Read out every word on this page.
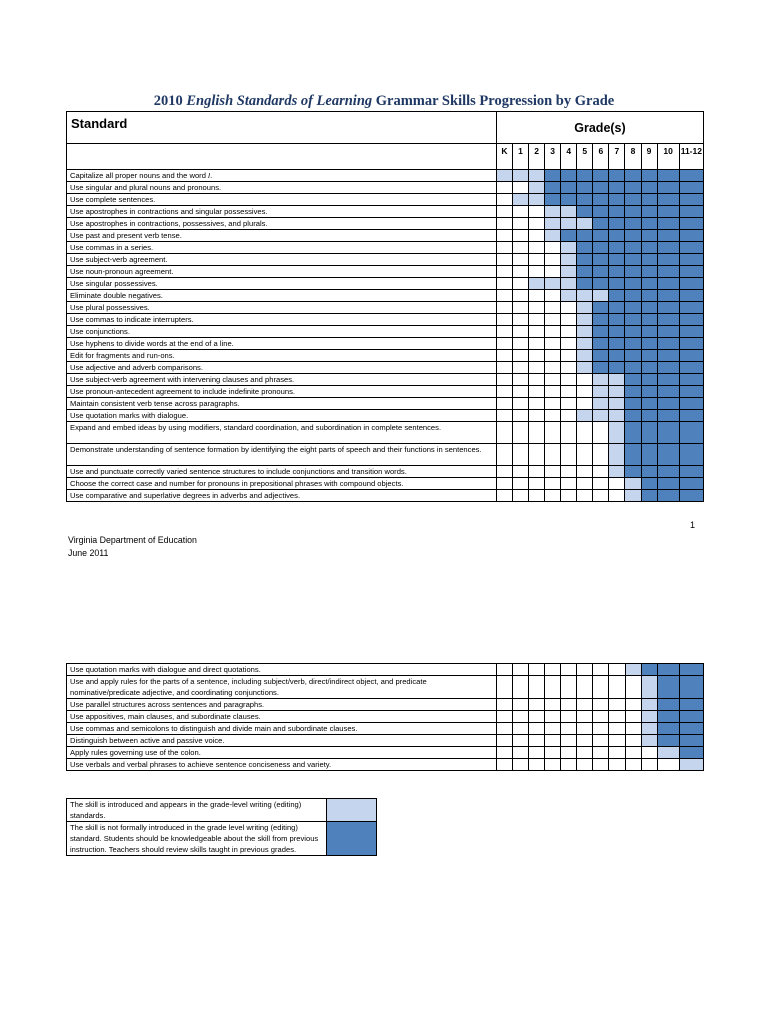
2010 English Standards of Learning Grammar Skills Progression by Grade
Standard	Grade(s)											
	K	1	2	3	4	5	6	7	8	9	10	11-12
Capitalize all proper nouns and the word I.												
Use singular and plural nouns and pronouns.												
Use complete sentences.												
Use apostrophes in contractions and singular possessives.												
Use apostrophes in contractions, possessives, and plurals.												
Use past and present verb tense.												
Use commas in a series.												
Use subject-verb agreement.												
Use noun-pronoun agreement.												
Use singular possessives.												
Eliminate double negatives.												
Use plural possessives.												
Use commas to indicate interrupters.												
Use conjunctions.												
Use hyphens to divide words at the end of a line.												
Edit for fragments and run-ons.												
Use adjective and adverb comparisons.												
Use subject-verb agreement with intervening clauses and phrases.												
Use pronoun-antecedent agreement to include indefinite pronouns.												
Maintain consistent verb tense across paragraphs.												
Use quotation marks with dialogue.												
Expand and embed ideas by using modifiers, standard coordination, and subordination in complete sentences.												
Demonstrate understanding of sentence formation by identifying the eight parts of speech and their functions in sentences.												
Use and punctuate correctly varied sentence structures to include conjunctions and transition words.												
Choose the correct case and number for pronouns in prepositional phrases with compound objects.												
Use comparative and superlative degrees in adverbs and adjectives.												
1
Virginia Department of Education
June 2011
Use quotation marks with dialogue and direct quotations.												
Use and apply rules for the parts of a sentence, including subject/verb, direct/indirect object, and predicate nominative/predicate adjective, and coordinating conjunctions.												
Use parallel structures across sentences and paragraphs.												
Use appositives, main clauses, and subordinate clauses.												
Use commas and semicolons to distinguish and divide main and subordinate clauses.												
Distinguish between active and passive voice.												
Apply rules governing use of the colon.												
Use verbals and verbal phrases to achieve sentence conciseness and variety.												
The skill is introduced and appears in the grade-level writing (editing) standards.	
The skill is not formally introduced in the grade level writing (editing) standard. Students should be knowledgeable about the skill from previous instruction. Teachers should review skills taught in previous grades.	
